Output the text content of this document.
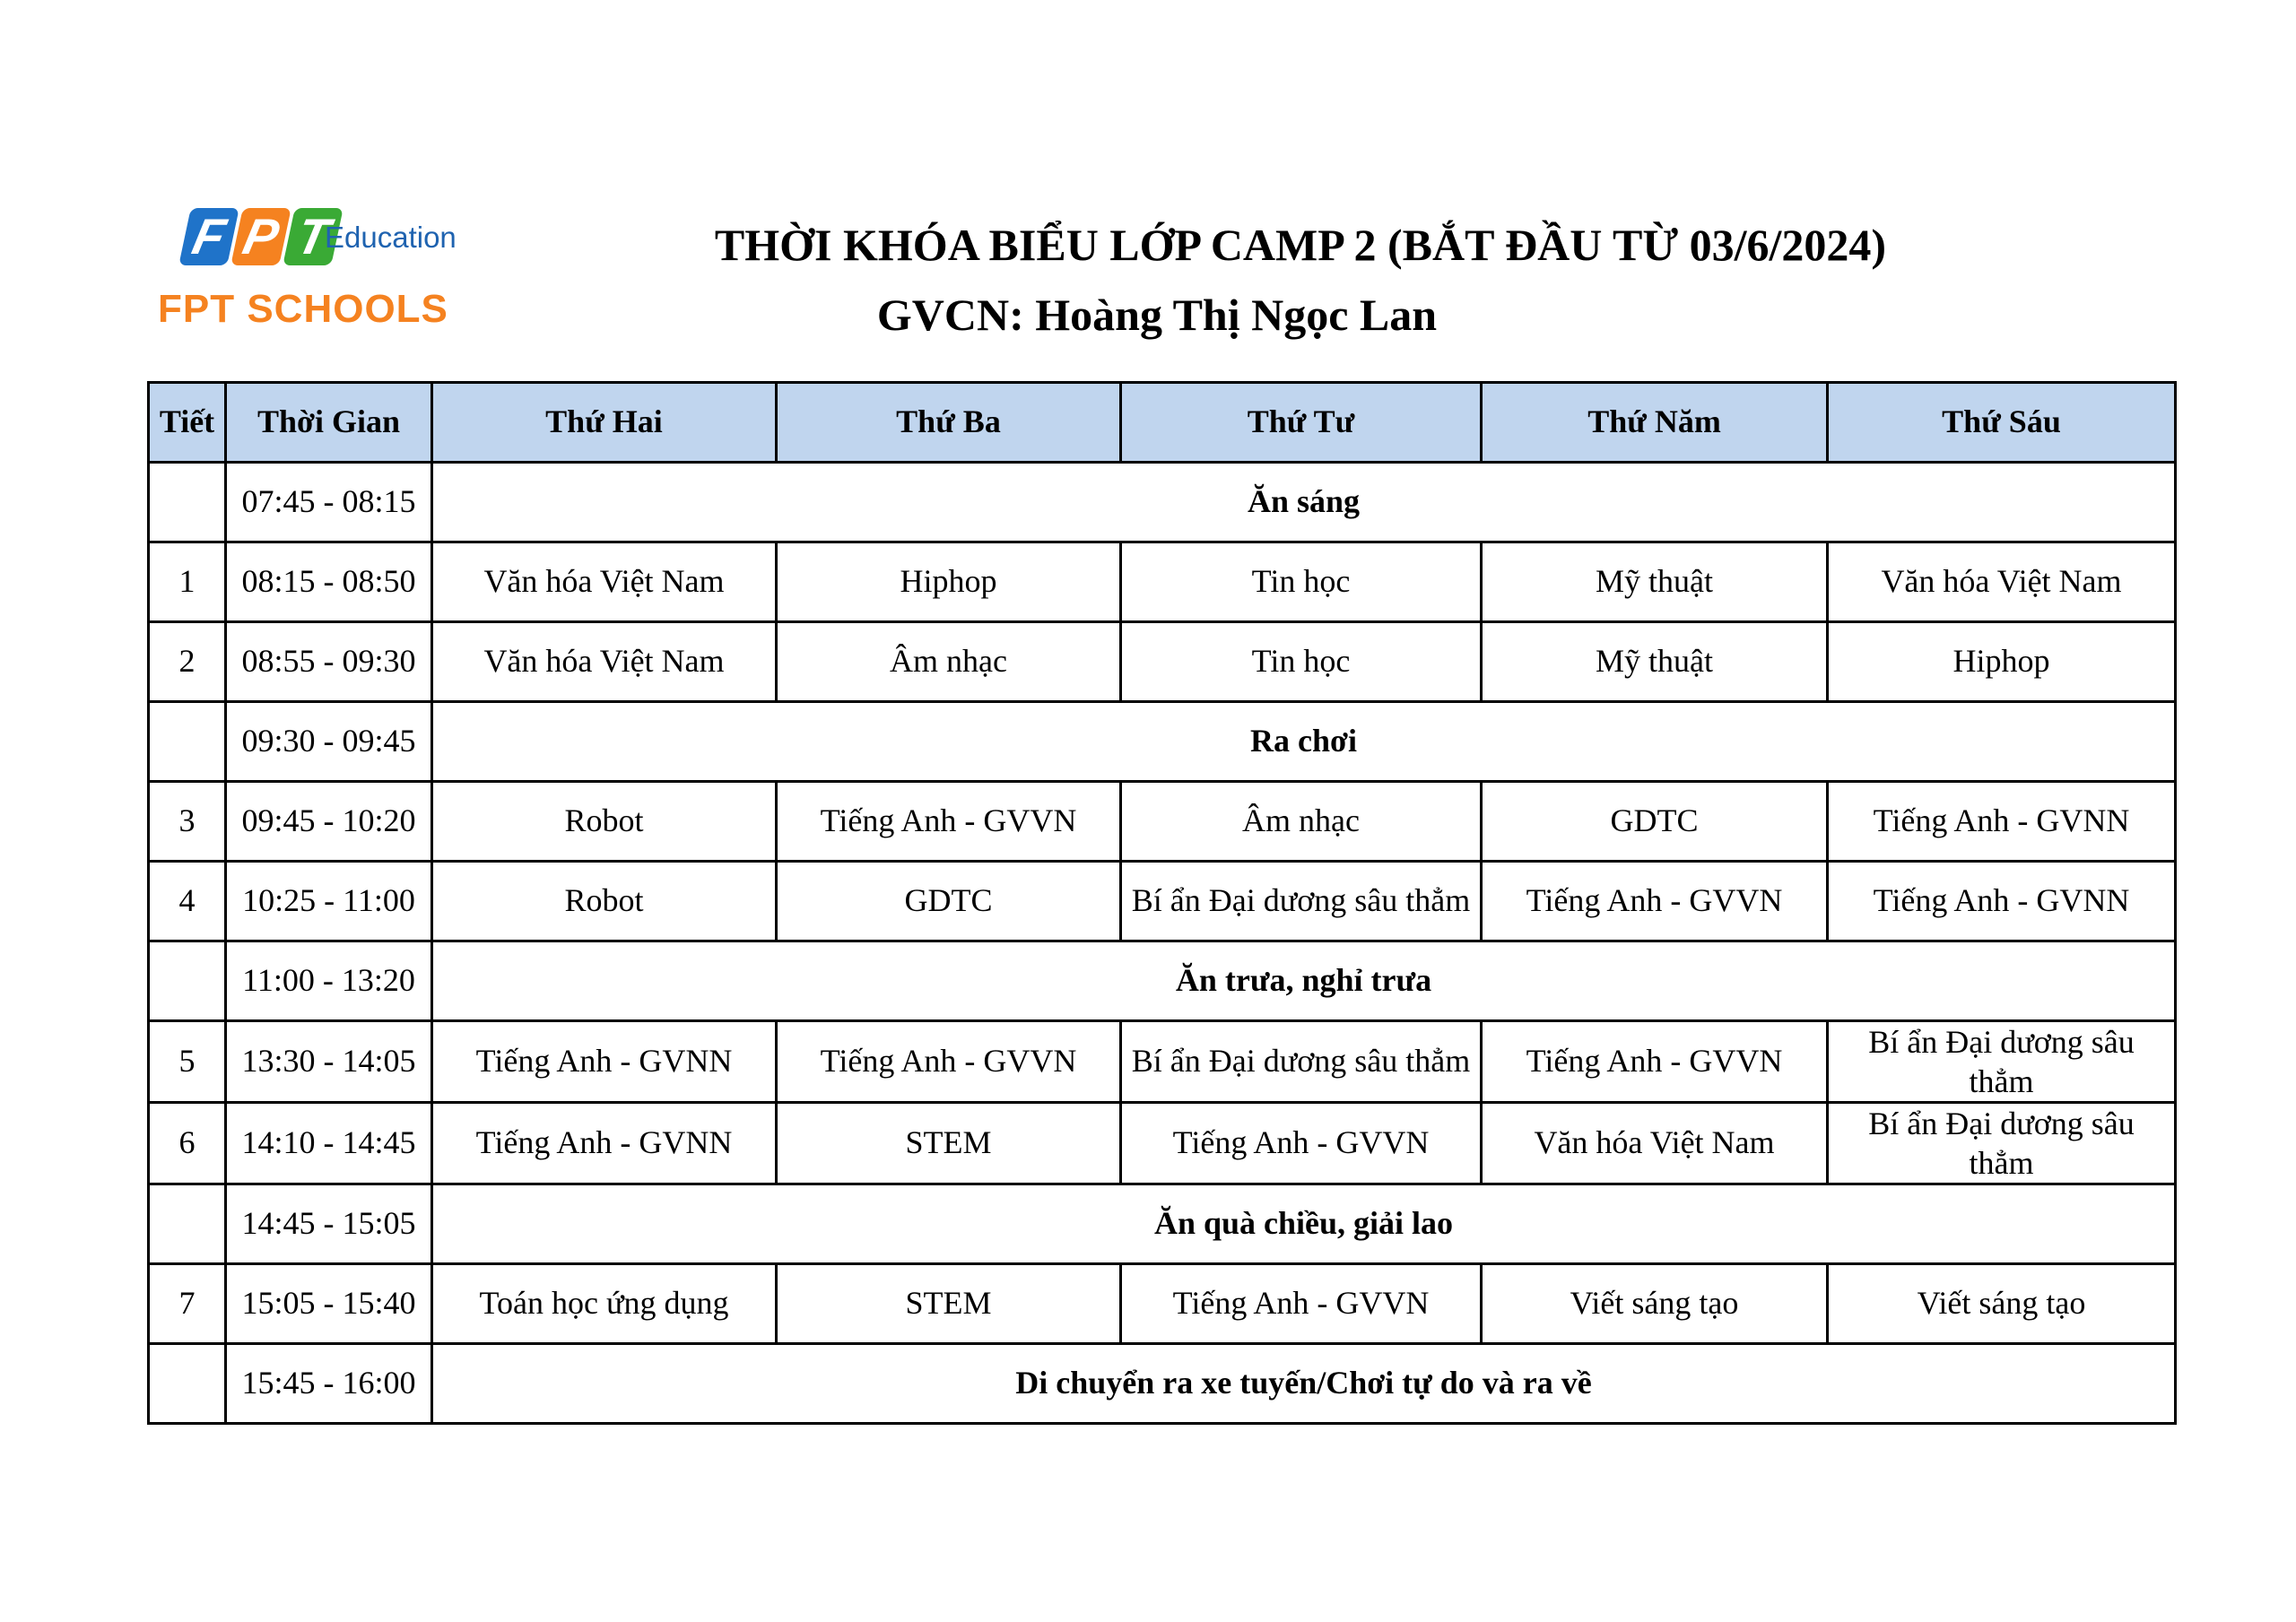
F P T
Education
FPT SCHOOLS
THỜI KHÓA BIỂU LỚP CAMP 2 (BẮT ĐẦU TỪ 03/6/2024)
GVCN: Hoàng Thị Ngọc Lan
Tiết	Thời Gian	Thứ Hai	Thứ Ba	Thứ Tư	Thứ Năm	Thứ Sáu
	07:45 - 08:15	Ăn sáng				
1	08:15 - 08:50	Văn hóa Việt Nam	Hiphop	Tin học	Mỹ thuật	Văn hóa Việt Nam
2	08:55 - 09:30	Văn hóa Việt Nam	Âm nhạc	Tin học	Mỹ thuật	Hiphop
	09:30 - 09:45	Ra chơi				
3	09:45 - 10:20	Robot	Tiếng Anh - GVVN	Âm nhạc	GDTC	Tiếng Anh - GVNN
4	10:25 - 11:00	Robot	GDTC	Bí ẩn Đại dương sâu thẳm	Tiếng Anh - GVVN	Tiếng Anh - GVNN
	11:00 - 13:20	Ăn trưa, nghỉ trưa				
5	13:30 - 14:05	Tiếng Anh - GVNN	Tiếng Anh - GVVN	Bí ẩn Đại dương sâu thẳm	Tiếng Anh - GVVN	Bí ẩn Đại dương sâu thẳm
6	14:10 - 14:45	Tiếng Anh - GVNN	STEM	Tiếng Anh - GVVN	Văn hóa Việt Nam	Bí ẩn Đại dương sâu thẳm
	14:45 - 15:05	Ăn quà chiều, giải lao				
7	15:05 - 15:40	Toán học ứng dụng	STEM	Tiếng Anh - GVVN	Viết sáng tạo	Viết sáng tạo
	15:45 - 16:00	Di chuyển ra xe tuyến/Chơi tự do và ra về				
